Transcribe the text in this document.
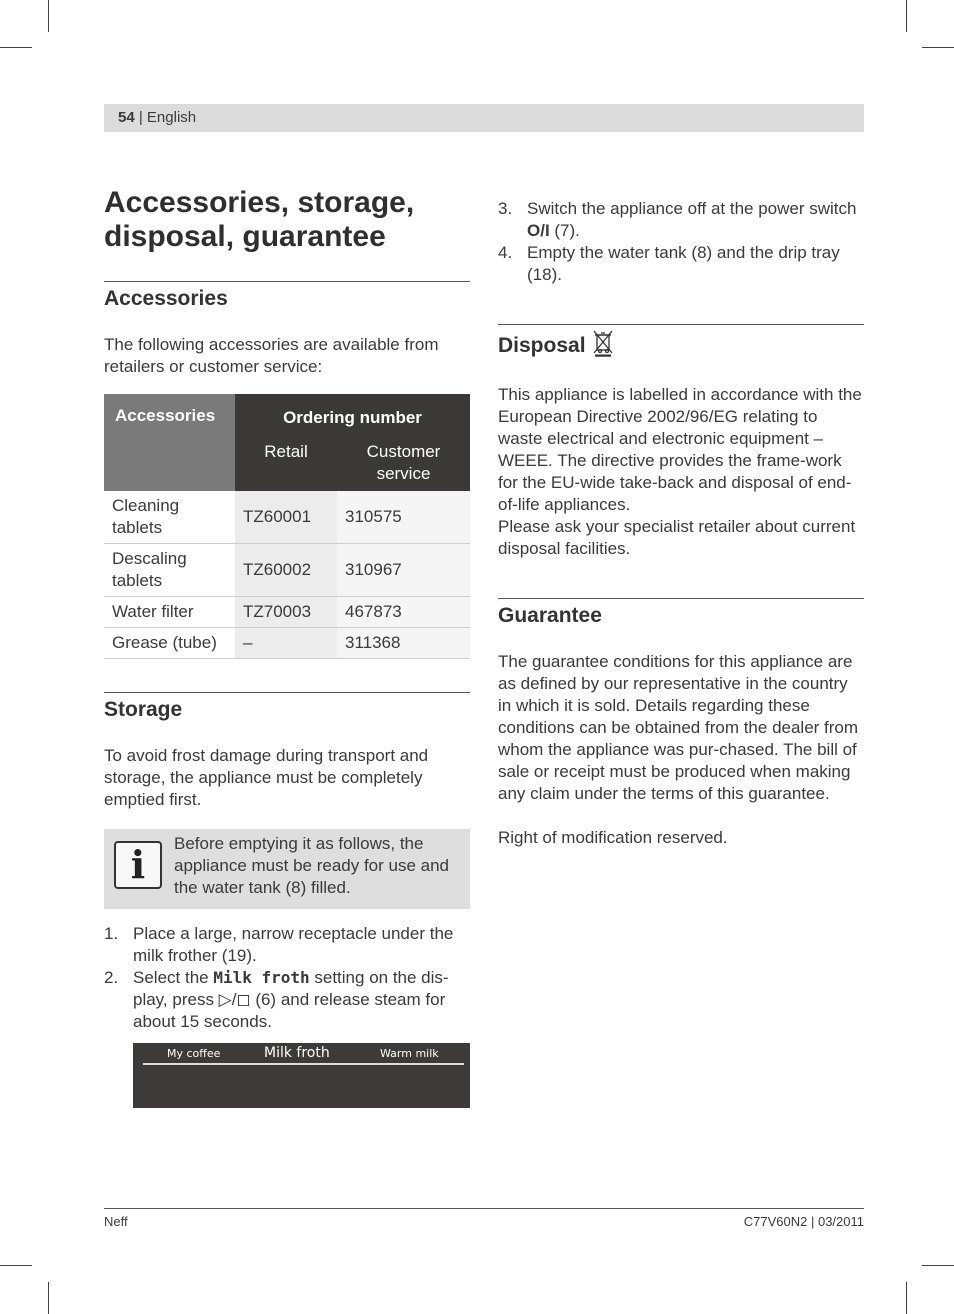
54 | English
Accessories, storage,
disposal, guarantee
Accessories

The following accessories are available from retailers or customer service:

Accessories	Ordering number	
	Retail	Customer
service
Cleaning
tablets	TZ60001	310575
Descaling
tablets	TZ60002	310967
Water filter	TZ70003	467873
Grease (tube)	–	311368
Storage

To avoid frost damage during transport and storage, the appliance must be completely emptied first.

i	Before emptying it as follows, the appliance must be ready for use and the water tank (8) filled.
1. Place a large, narrow receptacle under the milk frother (19).
2. Select the Milk froth setting on the dis-play, press ▷/◻ (6) and release steam for about 15 seconds.
My coffee	Milk froth	Warm milk
3. Switch the appliance off at the power switch O/I (7).
4. Empty the water tank (8) and the drip tray (18).
Disposal

This appliance is labelled in accordance with the European Directive 2002/96/EG relating to waste electrical and electronic equipment – WEEE. The directive provides the frame-work for the EU-wide take-back and disposal of end-of-life appliances.

Please ask your specialist retailer about current disposal facilities.

Guarantee

The guarantee conditions for this appliance are as defined by our representative in the country in which it is sold. Details regarding these conditions can be obtained from the dealer from whom the appliance was pur-chased. The bill of sale or receipt must be produced when making any claim under the terms of this guarantee.

Right of modification reserved.

Neff	C77V60N2 | 03/2011
